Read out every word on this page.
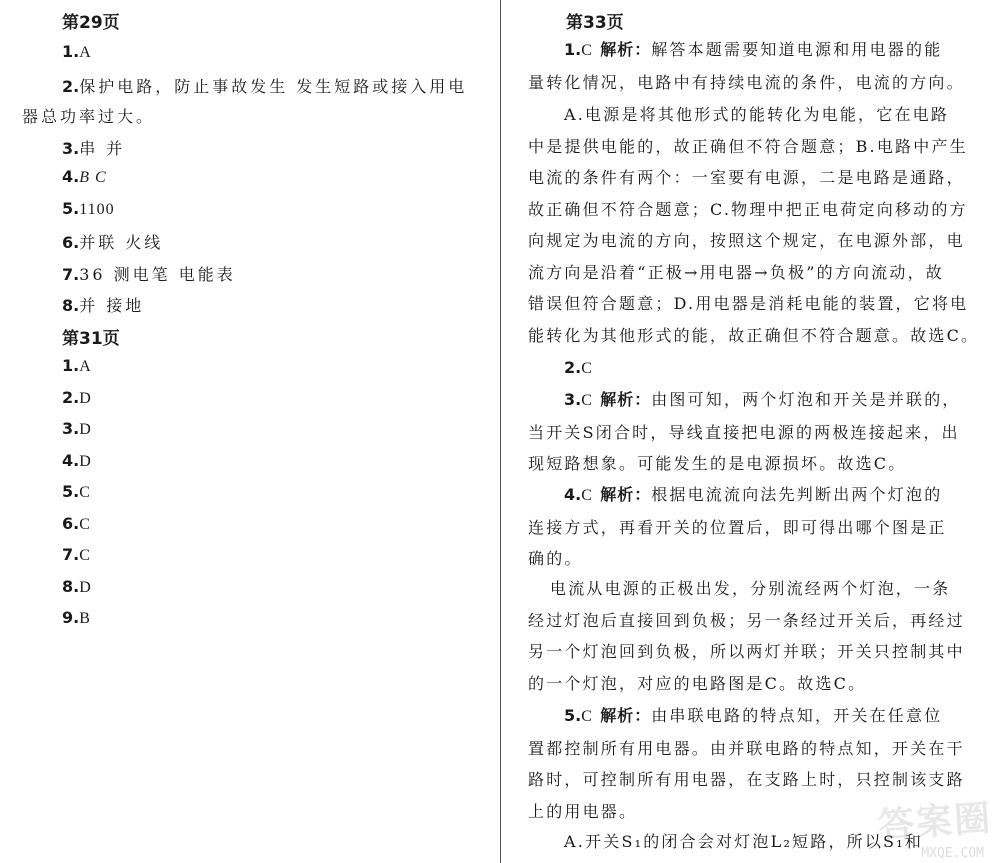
第29页
1.A
2.保护电路，防止事故发生 发生短路或接入用电
器总功率过大。
3.串 并
4.B C
5.1100
6.并联 火线
7.36 测电笔 电能表
8.并 接地
第31页
1.A
2.D
3.D
4.D
5.C
6.C
7.C
8.D
9.B
第33页
1.C 解析：解答本题需要知道电源和用电器的能
量转化情况，电路中有持续电流的条件，电流的方向。
A.电源是将其他形式的能转化为电能，它在电路
中是提供电能的，故正确但不符合题意；B.电路中产生
电流的条件有两个：一室要有电源，二是电路是通路，
故正确但不符合题意；C.物理中把正电荷定向移动的方
向规定为电流的方向，按照这个规定，在电源外部，电
流方向是沿着“正极→用电器→负极”的方向流动，故
错误但符合题意；D.用电器是消耗电能的装置，它将电
能转化为其他形式的能，故正确但不符合题意。故选C。
2.C
3.C 解析：由图可知，两个灯泡和开关是并联的，
当开关S闭合时，导线直接把电源的两极连接起来，出
现短路想象。可能发生的是电源损坏。故选C。
4.C 解析：根据电流流向法先判断出两个灯泡的
连接方式，再看开关的位置后，即可得出哪个图是正
确的。
电流从电源的正极出发，分别流经两个灯泡，一条
经过灯泡后直接回到负极；另一条经过开关后，再经过
另一个灯泡回到负极，所以两灯并联；开关只控制其中
的一个灯泡，对应的电路图是C。故选C。
5.C 解析：由串联电路的特点知，开关在任意位
置都控制所有用电器。由并联电路的特点知，开关在干
路时，可控制所有用电器，在支路上时，只控制该支路
上的用电器。
A.开关S₁的闭合会对灯泡L₂短路，所以S₁和
答案圈
MXQE.COM
